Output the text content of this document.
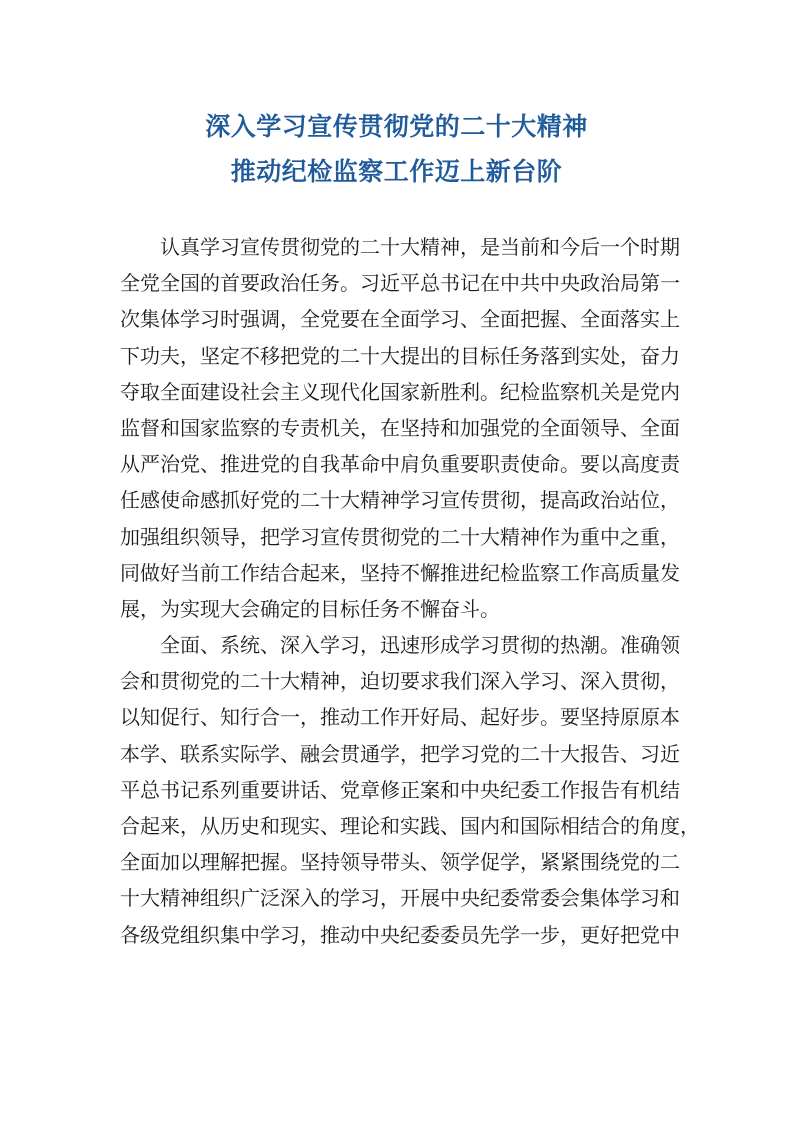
深入学习宣传贯彻党的二十大精神
推动纪检监察工作迈上新台阶
认真学习宣传贯彻党的二十大精神，是当前和今后一个时期
全党全国的首要政治任务。习近平总书记在中共中央政治局第一
次集体学习时强调，全党要在全面学习、全面把握、全面落实上
下功夫，坚定不移把党的二十大提出的目标任务落到实处，奋力
夺取全面建设社会主义现代化国家新胜利。纪检监察机关是党内
监督和国家监察的专责机关，在坚持和加强党的全面领导、全面
从严治党、推进党的自我革命中肩负重要职责使命。要以高度责
任感使命感抓好党的二十大精神学习宣传贯彻，提高政治站位，
加强组织领导，把学习宣传贯彻党的二十大精神作为重中之重，
同做好当前工作结合起来，坚持不懈推进纪检监察工作高质量发
展，为实现大会确定的目标任务不懈奋斗。
全面、系统、深入学习，迅速形成学习贯彻的热潮。准确领
会和贯彻党的二十大精神，迫切要求我们深入学习、深入贯彻，
以知促行、知行合一，推动工作开好局、起好步。要坚持原原本
本学、联系实际学、融会贯通学，把学习党的二十大报告、习近
平总书记系列重要讲话、党章修正案和中央纪委工作报告有机结
合起来，从历史和现实、理论和实践、国内和国际相结合的角度，
全面加以理解把握。坚持领导带头、领学促学，紧紧围绕党的二
十大精神组织广泛深入的学习，开展中央纪委常委会集体学习和
各级党组织集中学习，推动中央纪委委员先学一步，更好把党中
